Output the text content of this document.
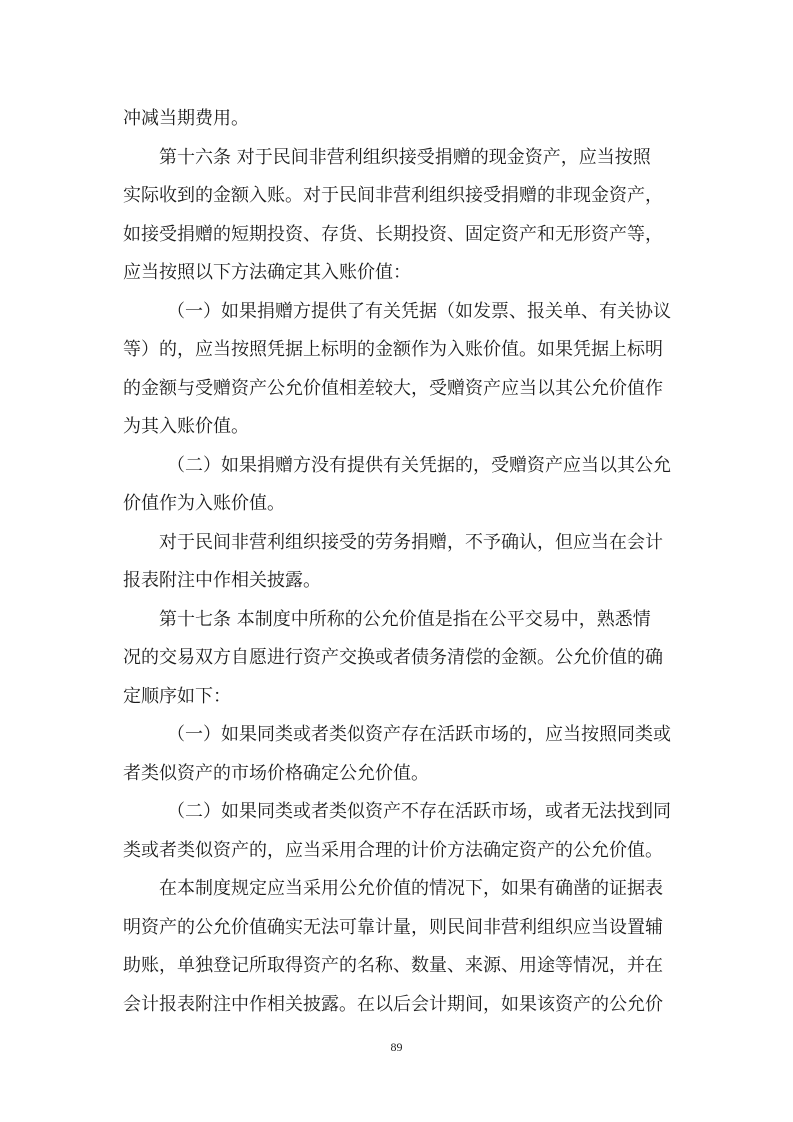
冲减当期费用。
第十六条 对于民间非营利组织接受捐赠的现金资产，应当按照
实际收到的金额入账。对于民间非营利组织接受捐赠的非现金资产，
如接受捐赠的短期投资、存货、长期投资、固定资产和无形资产等，
应当按照以下方法确定其入账价值：
（一）如果捐赠方提供了有关凭据（如发票、报关单、有关协议
等）的，应当按照凭据上标明的金额作为入账价值。如果凭据上标明
的金额与受赠资产公允价值相差较大，受赠资产应当以其公允价值作
为其入账价值。
（二）如果捐赠方没有提供有关凭据的，受赠资产应当以其公允
价值作为入账价值。
对于民间非营利组织接受的劳务捐赠，不予确认，但应当在会计
报表附注中作相关披露。
第十七条 本制度中所称的公允价值是指在公平交易中，熟悉情
况的交易双方自愿进行资产交换或者债务清偿的金额。公允价值的确
定顺序如下：
（一）如果同类或者类似资产存在活跃市场的，应当按照同类或
者类似资产的市场价格确定公允价值。
（二）如果同类或者类似资产不存在活跃市场，或者无法找到同
类或者类似资产的，应当采用合理的计价方法确定资产的公允价值。
在本制度规定应当采用公允价值的情况下，如果有确凿的证据表
明资产的公允价值确实无法可靠计量，则民间非营利组织应当设置辅
助账，单独登记所取得资产的名称、数量、来源、用途等情况，并在
会计报表附注中作相关披露。在以后会计期间，如果该资产的公允价
89
